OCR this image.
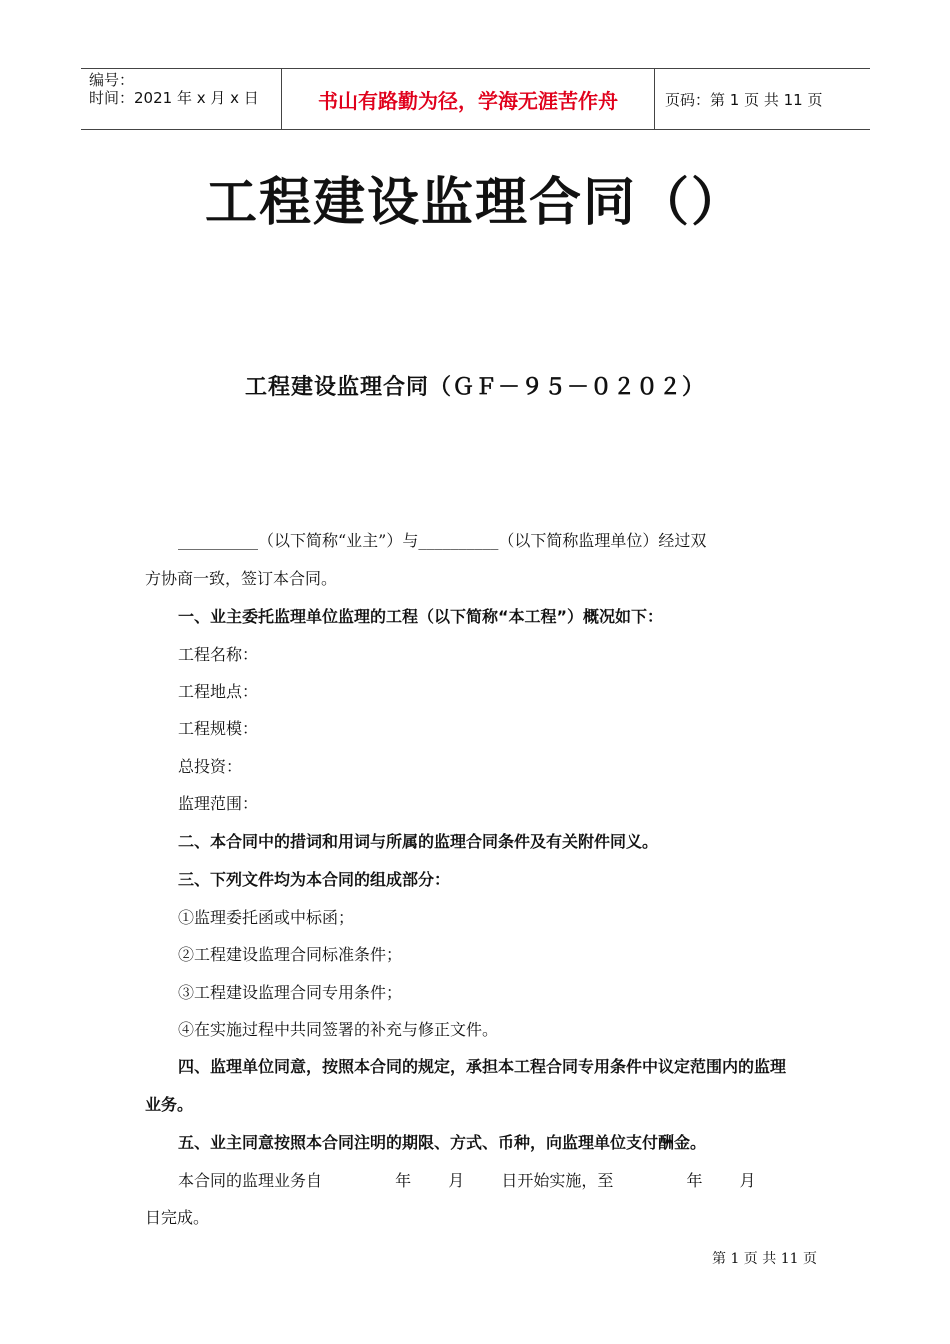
编号：
时间：2021 年 x 月 x 日	书山有路勤为径，学海无涯苦作舟	页码：第 1 页 共 11 页
工程建设监理合同（）
工程建设监理合同（ＧＦ－９５－０２０２）
__________（以下简称“业主”）与__________（以下简称监理单位）经过双
方协商一致，签订本合同。
一、业主委托监理单位监理的工程（以下简称“本工程”）概况如下：
工程名称：
工程地点：
工程规模：
总投资：
监理范围：
二、本合同中的措词和用词与所属的监理合同条件及有关附件同义。
三、下列文件均为本合同的组成部分：
①监理委托函或中标函；
②工程建设监理合同标准条件；
③工程建设监理合同专用条件；
④在实施过程中共同签署的补充与修正文件。
四、监理单位同意，按照本合同的规定，承担本工程合同专用条件中议定范围内的监理
业务。
五、业主同意按照本合同注明的期限、方式、币种，向监理单位支付酬金。
本合同的监理业务自	年 月 日开始实施，至	年 月
日完成。
第 1 页 共 11 页
